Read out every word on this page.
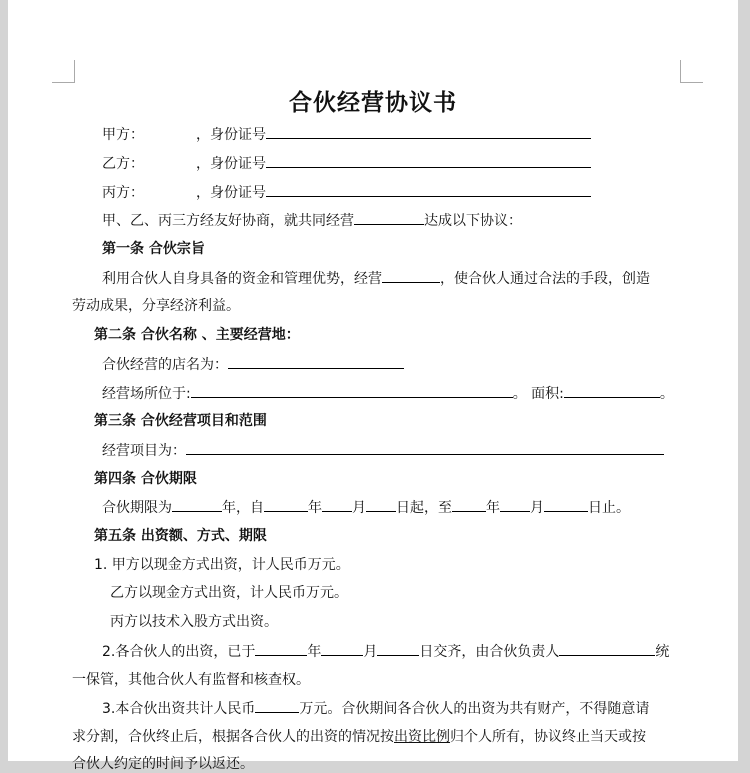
合伙经营协议书
甲方：	，身份证号
乙方：	，身份证号
丙方：	，身份证号
甲、乙、丙三方经友好协商，就共同经营	达成以下协议：
第一条 合伙宗旨
利用合伙人自身具备的资金和管理优势，经营	，使合伙人通过合法的手段，创造
劳动成果，分享经济利益。
第二条 合伙名称 、主要经营地：
合伙经营的店名为：
经营场所位于:	。 面积:	。
第三条 合伙经营项目和范围
经营项目为：
第四条 合伙期限
合伙期限为	年，自	年 月 日起，至 年 月	日止。
第五条 出资额、方式、期限
1. 甲方以现金方式出资，计人民币万元。
乙方以现金方式出资，计人民币万元。
丙方以技术入股方式出资。
2.各合伙人的出资，已于	年	月	日交齐，由合伙负责人	统
一保管，其他合伙人有监督和核查权。
3.本合伙出资共计人民币	万元。合伙期间各合伙人的出资为共有财产，不得随意请
求分割，合伙终止后，根据各合伙人的出资的情况按出资比例归个人所有，协议终止当天或按
合伙人约定的时间予以返还。
